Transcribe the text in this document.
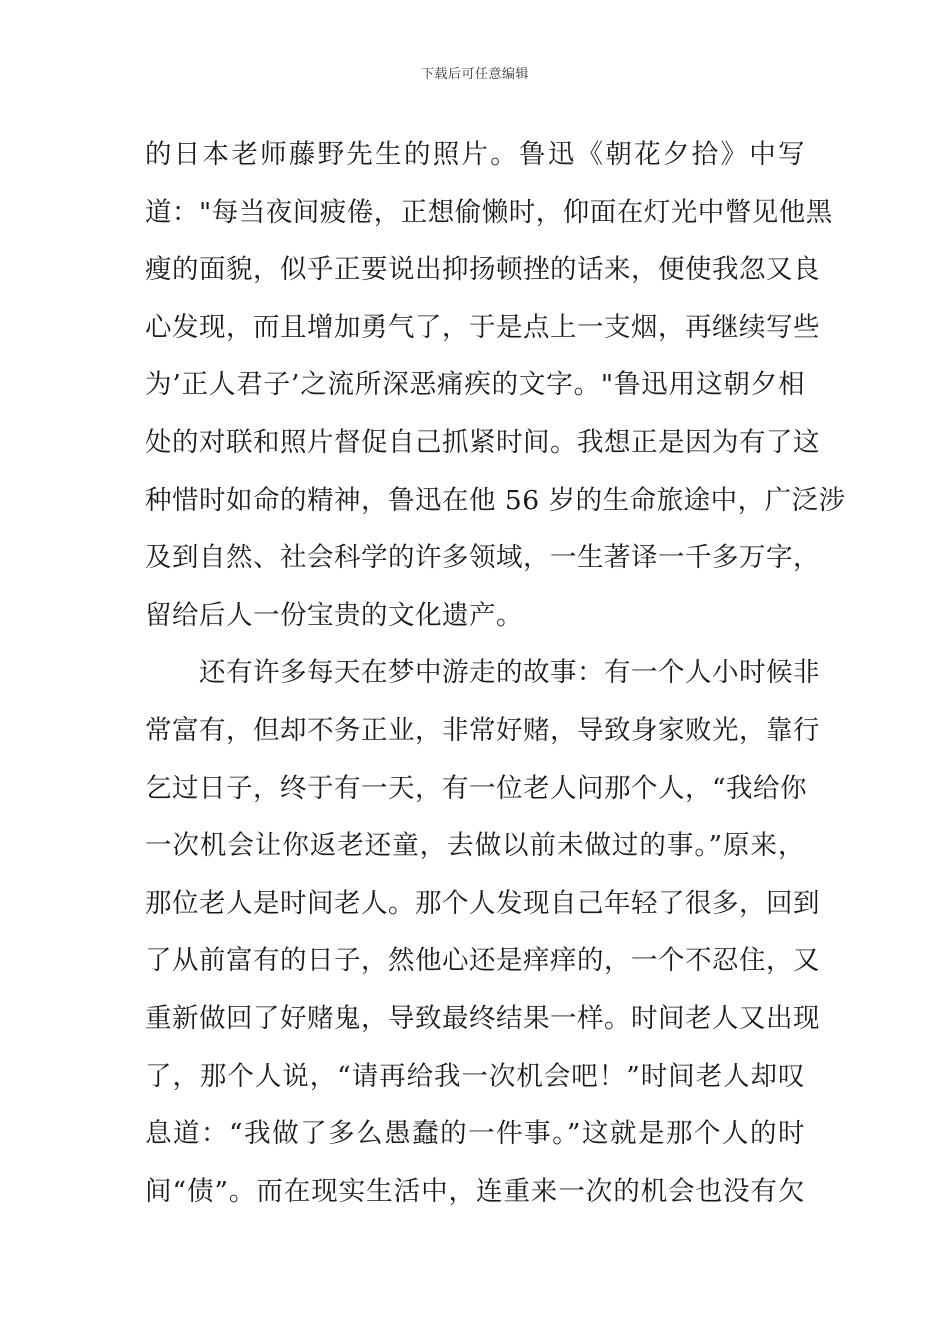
下载后可任意编辑
的日本老师藤野先生的照片。鲁迅《朝花夕拾》中写
道："每当夜间疲倦，正想偷懒时，仰面在灯光中瞥见他黑
瘦的面貌，似乎正要说出抑扬顿挫的话来，便使我忽又良
心发现，而且增加勇气了，于是点上一支烟，再继续写些
为’正人君子’之流所深恶痛疾的文字。"鲁迅用这朝夕相
处的对联和照片督促自己抓紧时间。我想正是因为有了这
种惜时如命的精神，鲁迅在他 56 岁的生命旅途中，广泛涉
及到自然、社会科学的许多领域，一生著译一千多万字，
留给后人一份宝贵的文化遗产。
还有许多每天在梦中游走的故事：有一个人小时候非
常富有，但却不务正业，非常好赌，导致身家败光，靠行
乞过日子，终于有一天，有一位老人问那个人，“我给你
一次机会让你返老还童，去做以前未做过的事。”原来，
那位老人是时间老人。那个人发现自己年轻了很多，回到
了从前富有的日子，然他心还是痒痒的，一个不忍住，又
重新做回了好赌鬼，导致最终结果一样。时间老人又出现
了，那个人说，“请再给我一次机会吧！”时间老人却叹
息道：“我做了多么愚蠢的一件事。”这就是那个人的时
间“债”。而在现实生活中，连重来一次的机会也没有欠
